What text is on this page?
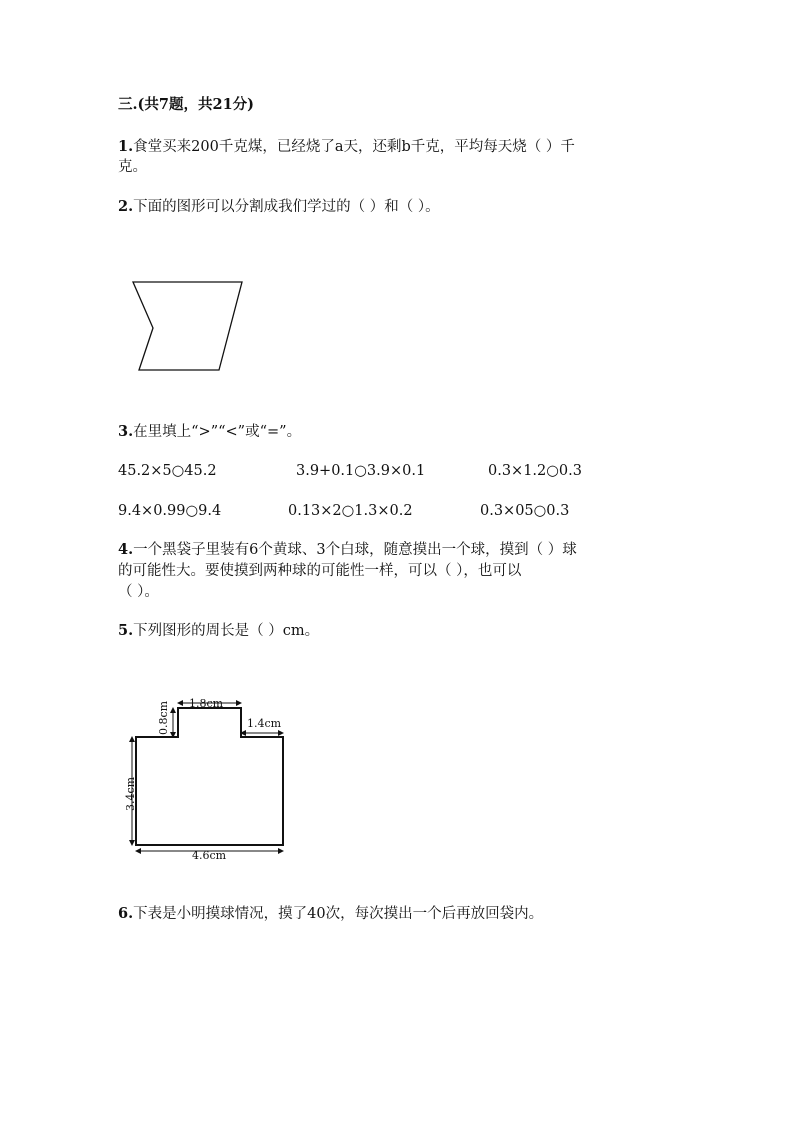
三.(共7题，共21分)
1.食堂买来200千克煤，已经烧了a天，还剩b千克，平均每天烧（ ）千
克。
2.下面的图形可以分割成我们学过的（ ）和（ ）。
3.在里填上“>”“<”或“=”。
45.2×5○45.2	3.9+0.1○3.9×0.1	0.3×1.2○0.3
9.4×0.99○9.4	0.13×2○1.3×0.2	0.3×05○0.3
4.一个黑袋子里装有6个黄球、3个白球，随意摸出一个球，摸到（ ）球
的可能性大。要使摸到两种球的可能性一样，可以（ ），也可以
（ ）。
5.下列图形的周长是（ ）cm。
1.8cm
0.8cm	1.4cm
3.4cm
4.6cm
6.下表是小明摸球情况，摸了40次，每次摸出一个后再放回袋内。
